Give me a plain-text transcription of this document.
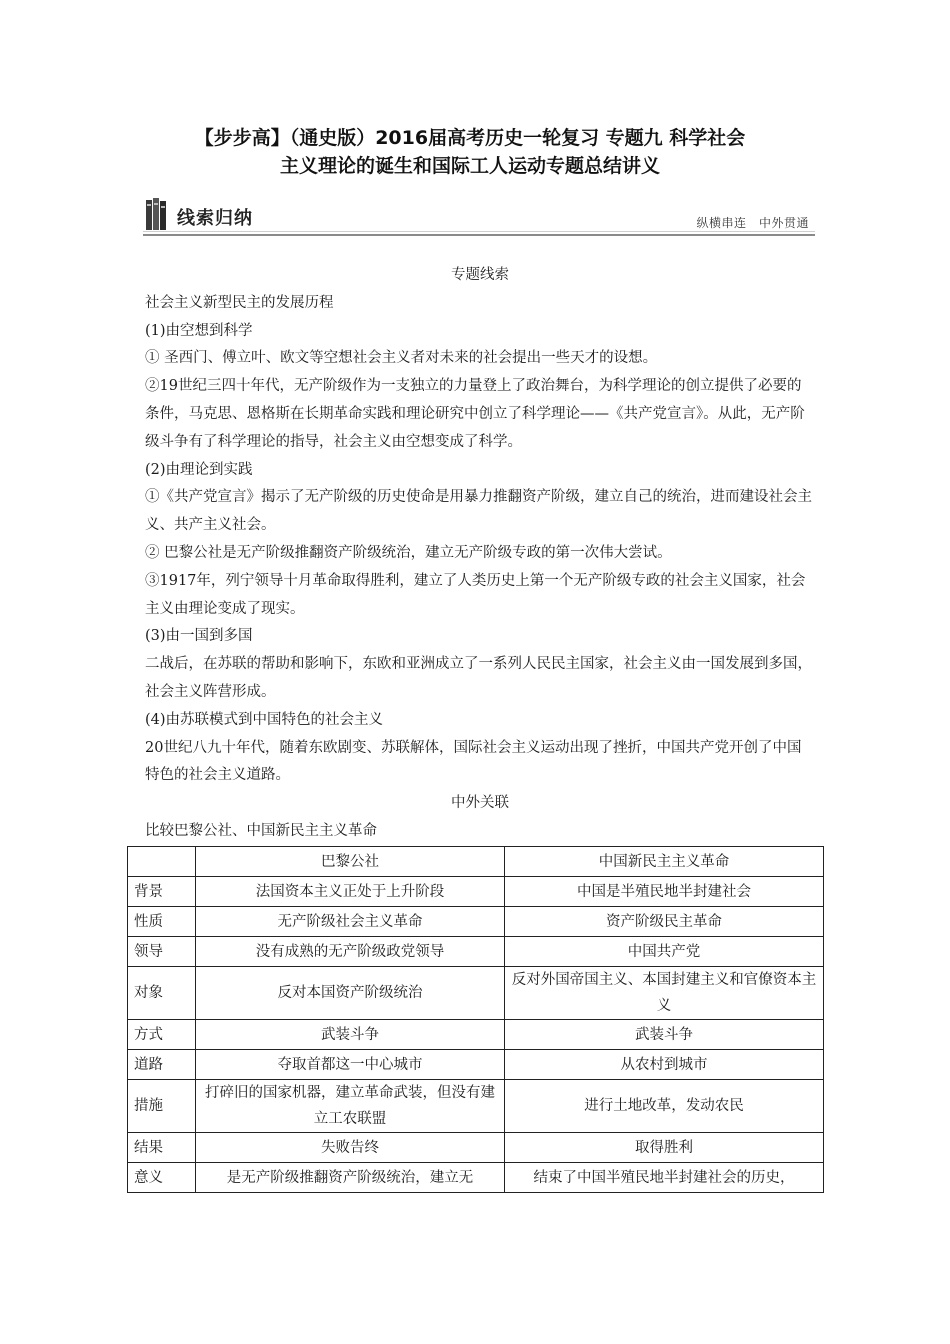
【步步高】（通史版）2016届高考历史一轮复习 专题九 科学社会
主义理论的诞生和国际工人运动专题总结讲义
线索归纳	纵横串连　中外贯通

专题线索

社会主义新型民主的发展历程

(1)由空想到科学

① 圣西门、傅立叶、欧文等空想社会主义者对未来的社会提出一些天才的设想。

②19世纪三四十年代，无产阶级作为一支独立的力量登上了政治舞台，为科学理论的创立提供了必要的条件，马克思、恩格斯在长期革命实践和理论研究中创立了科学理论——《共产党宣言》。从此，无产阶级斗争有了科学理论的指导，社会主义由空想变成了科学。

(2)由理论到实践

①《共产党宣言》揭示了无产阶级的历史使命是用暴力推翻资产阶级，建立自己的统治，进而建设社会主义、共产主义社会。

② 巴黎公社是无产阶级推翻资产阶级统治，建立无产阶级专政的第一次伟大尝试。

③1917年，列宁领导十月革命取得胜利，建立了人类历史上第一个无产阶级专政的社会主义国家，社会主义由理论变成了现实。

(3)由一国到多国

二战后，在苏联的帮助和影响下，东欧和亚洲成立了一系列人民民主国家，社会主义由一国发展到多国，社会主义阵营形成。

(4)由苏联模式到中国特色的社会主义

20世纪八九十年代，随着东欧剧变、苏联解体，国际社会主义运动出现了挫折，中国共产党开创了中国特色的社会主义道路。

中外关联

比较巴黎公社、中国新民主主义革命

	巴黎公社	中国新民主主义革命
背景	法国资本主义正处于上升阶段	中国是半殖民地半封建社会
性质	无产阶级社会主义革命	资产阶级民主革命
领导	没有成熟的无产阶级政党领导	中国共产党
对象	反对本国资产阶级统治	反对外国帝国主义、本国封建主义和官僚资本主义
方式	武装斗争	武装斗争
道路	夺取首都这一中心城市	从农村到城市
措施	打碎旧的国家机器，建立革命武装，但没有建立工农联盟	进行土地改革，发动农民
结果	失败告终	取得胜利
意义	是无产阶级推翻资产阶级统治，建立无	结束了中国半殖民地半封建社会的历史，
